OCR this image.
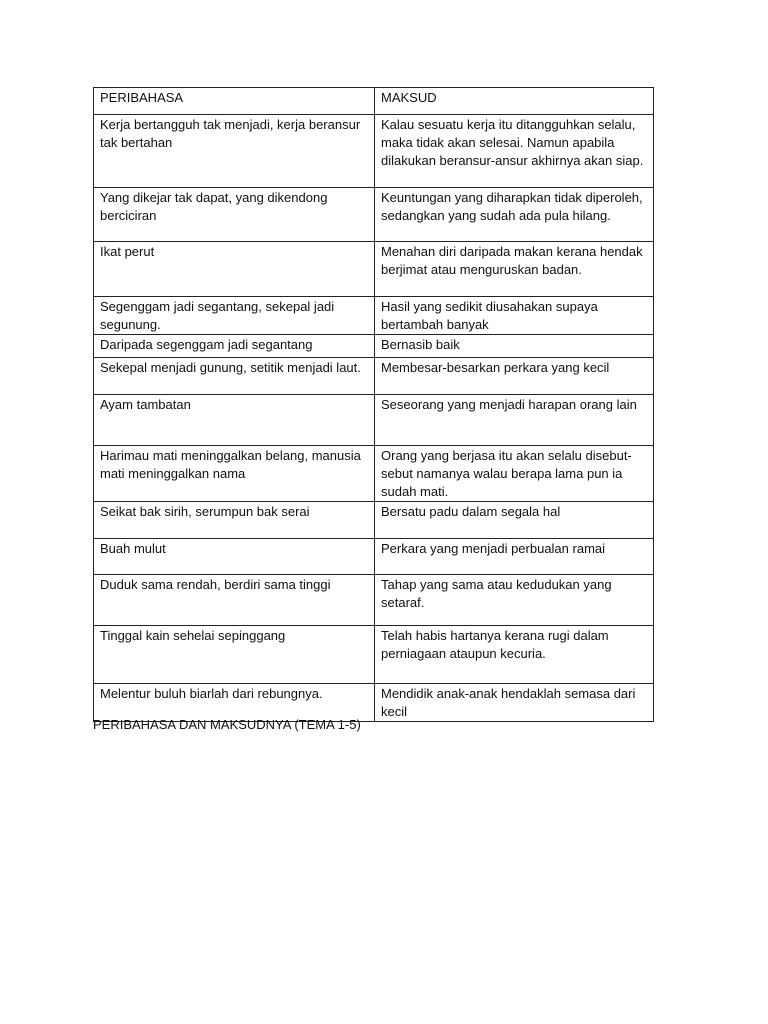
PERIBAHASA	MAKSUD
Kerja bertangguh tak menjadi, kerja beransur tak bertahan	Kalau sesuatu kerja itu ditangguhkan selalu, maka tidak akan selesai. Namun apabila dilakukan beransur-ansur akhirnya akan siap.
Yang dikejar tak dapat, yang dikendong berciciran	Keuntungan yang diharapkan tidak diperoleh, sedangkan yang sudah ada pula hilang.
Ikat perut	Menahan diri daripada makan kerana hendak berjimat atau menguruskan badan.
Segenggam jadi segantang, sekepal jadi segunung.	Hasil yang sedikit diusahakan supaya bertambah banyak
Daripada segenggam jadi segantang	Bernasib baik
Sekepal menjadi gunung, setitik menjadi laut.	Membesar-besarkan perkara yang kecil
Ayam tambatan	Seseorang yang menjadi harapan orang lain
Harimau mati meninggalkan belang, manusia mati meninggalkan nama	Orang yang berjasa itu akan selalu disebut-sebut namanya walau berapa lama pun ia sudah mati.
Seikat bak sirih, serumpun bak serai	Bersatu padu dalam segala hal
Buah mulut	Perkara yang menjadi perbualan ramai
Duduk sama rendah, berdiri sama tinggi	Tahap yang sama atau kedudukan yang setaraf.
Tinggal kain sehelai sepinggang	Telah habis hartanya kerana rugi dalam perniagaan ataupun kecuria.
Melentur buluh biarlah dari rebungnya.	Mendidik anak-anak hendaklah semasa dari kecil
PERIBAHASA DAN MAKSUDNYA (TEMA 1-5)
